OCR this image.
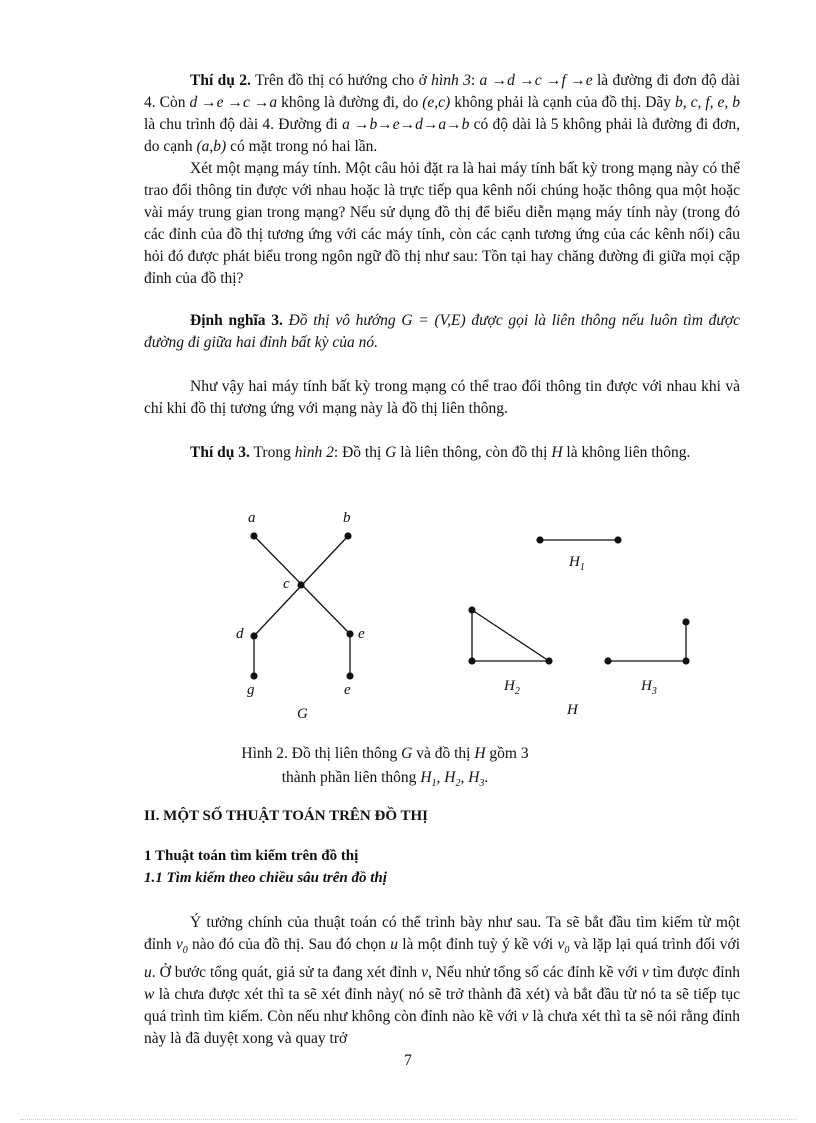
Thí dụ 2. Trên đồ thị có hướng cho ở hình 3: a →d →c →f →e là đường đi đơn độ dài 4. Còn d →e →c →a không là đường đi, do (e,c) không phải là cạnh của đồ thị. Dãy b, c, f, e, b là chu trình độ dài 4. Đường đi a →b→e→d→a→b có độ dài là 5 không phải là đường đi đơn, do cạnh (a,b) có mặt trong nó hai lần.

Xét một mạng máy tính. Một câu hỏi đặt ra là hai máy tính bất kỳ trong mạng này có thể trao đổi thông tin được với nhau hoặc là trực tiếp qua kênh nối chúng hoặc thông qua một hoặc vài máy trung gian trong mạng? Nếu sử dụng đồ thị để biểu diễn mạng máy tính này (trong đó các đỉnh của đồ thị tương ứng với các máy tính, còn các cạnh tương ứng của các kênh nối) câu hỏi đó được phát biểu trong ngôn ngữ đồ thị như sau: Tồn tại hay chăng đường đi giữa mọi cặp đỉnh của đồ thị?

Định nghĩa 3. Đồ thị vô hướng G = (V,E) được gọi là liên thông nếu luôn tìm được đường đi giữa hai đỉnh bất kỳ của nó.

Như vậy hai máy tính bất kỳ trong mạng có thể trao đổi thông tin được với nhau khi và chỉ khi đồ thị tương ứng với mạng này là đồ thị liên thông.

Thí dụ 3. Trong hình 2: Đồ thị G là liên thông, còn đồ thị H là không liên thông.

a	b
c
d	e
g	e
G
$H_1$
$H_2$	$H_3$
H
Hình 2. Đồ thị liên thông G và đồ thị H gồm 3
thành phần liên thông $H_1$, $H_2$, $H_3$.
II. MỘT SỐ THUẬT TOÁN TRÊN ĐỒ THỊ
1 Thuật toán tìm kiếm trên đồ thị
1.1 Tìm kiếm theo chiều sâu trên đồ thị

Ý tưởng chính của thuật toán có thể trình bày như sau. Ta sẽ bắt đầu tìm kiếm từ một đỉnh $v_0$ nào đó của đồ thị. Sau đó chọn u là một đỉnh tuỳ ý kề với $v_0$ và lặp lại quá trình đối với u. Ở bước tổng quát, giả sử ta đang xét đỉnh v, Nếu nhử tổng số các đỉnh kề với v tìm được đỉnh w là chưa được xét thì ta sẽ xét đỉnh này( nó sẽ trở thành đã xét) và bắt đầu từ nó ta sẽ tiếp tục quá trình tìm kiếm. Còn nếu như không còn đỉnh nào kề với v là chưa xét thì ta sẽ nói rằng đỉnh này là đã duyệt xong và quay trở

7
